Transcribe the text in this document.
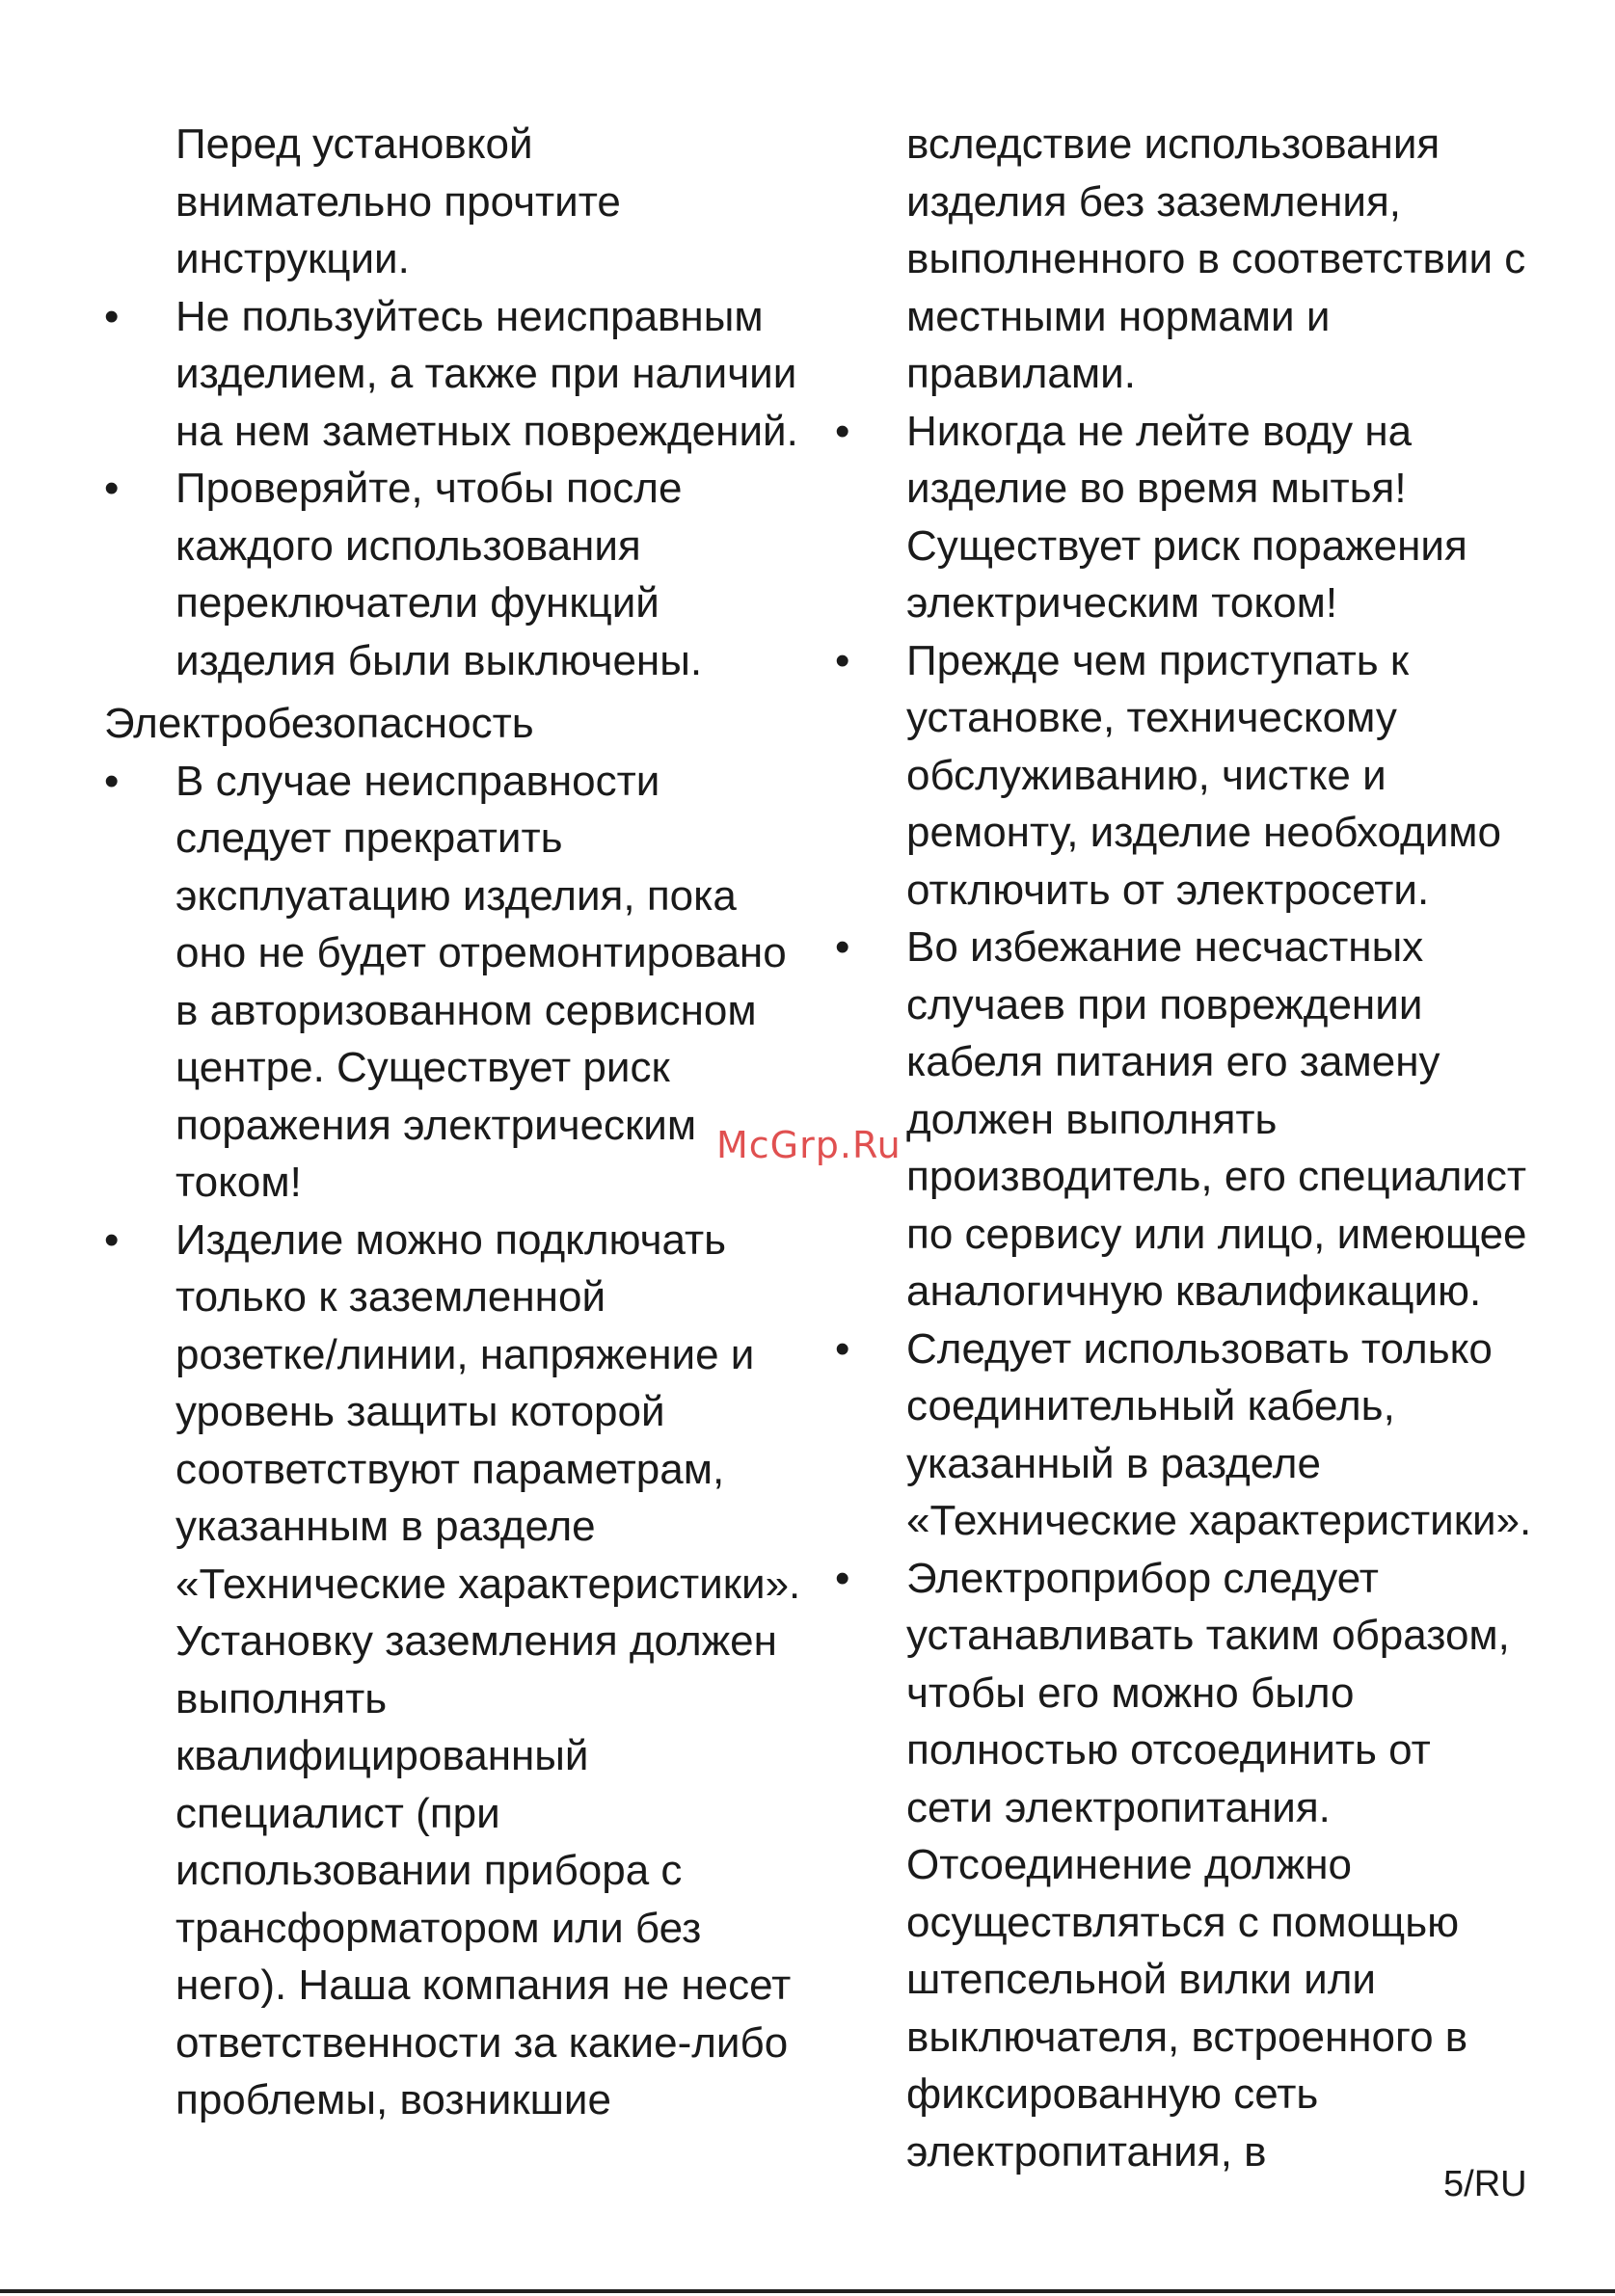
Перед установкой
внимательно прочтите
инструкции.
• Не пользуйтесь неисправным
изделием, а также при наличии
на нем заметных повреждений.
• Проверяйте, чтобы после
каждого использования
переключатели функций
изделия были выключены.
Электробезопасность
• В случае неисправности
следует прекратить
эксплуатацию изделия, пока
оно не будет отремонтировано
в авторизованном сервисном
центре. Существует риск
поражения электрическим
током!
• Изделие можно подключать
только к заземленной
розетке/линии, напряжение и
уровень защиты которой
соответствуют параметрам,
указанным в разделе
«Технические характеристики».
Установку заземления должен
выполнять
квалифицированный
специалист (при
использовании прибора с
трансформатором или без
него). Наша компания не несет
ответственности за какие-либо
проблемы, возникшие
вследствие использования
изделия без заземления,
выполненного в соответствии с
местными нормами и
правилами.
• Никогда не лейте воду на
изделие во время мытья!
Существует риск поражения
электрическим током!
• Прежде чем приступать к
установке, техническому
обслуживанию, чистке и
ремонту, изделие необходимо
отключить от электросети.
• Во избежание несчастных
случаев при повреждении
кабеля питания его замену
должен выполнять
производитель, его специалист
по сервису или лицо, имеющее
аналогичную квалификацию.
• Следует использовать только
соединительный кабель,
указанный в разделе
«Технические характеристики».
• Электроприбор следует
устанавливать таким образом,
чтобы его можно было
полностью отсоединить от
сети электропитания.
Отсоединение должно
осуществляться с помощью
штепсельной вилки или
выключателя, встроенного в
фиксированную сеть
электропитания, в
McGrp.Ru
5/RU
